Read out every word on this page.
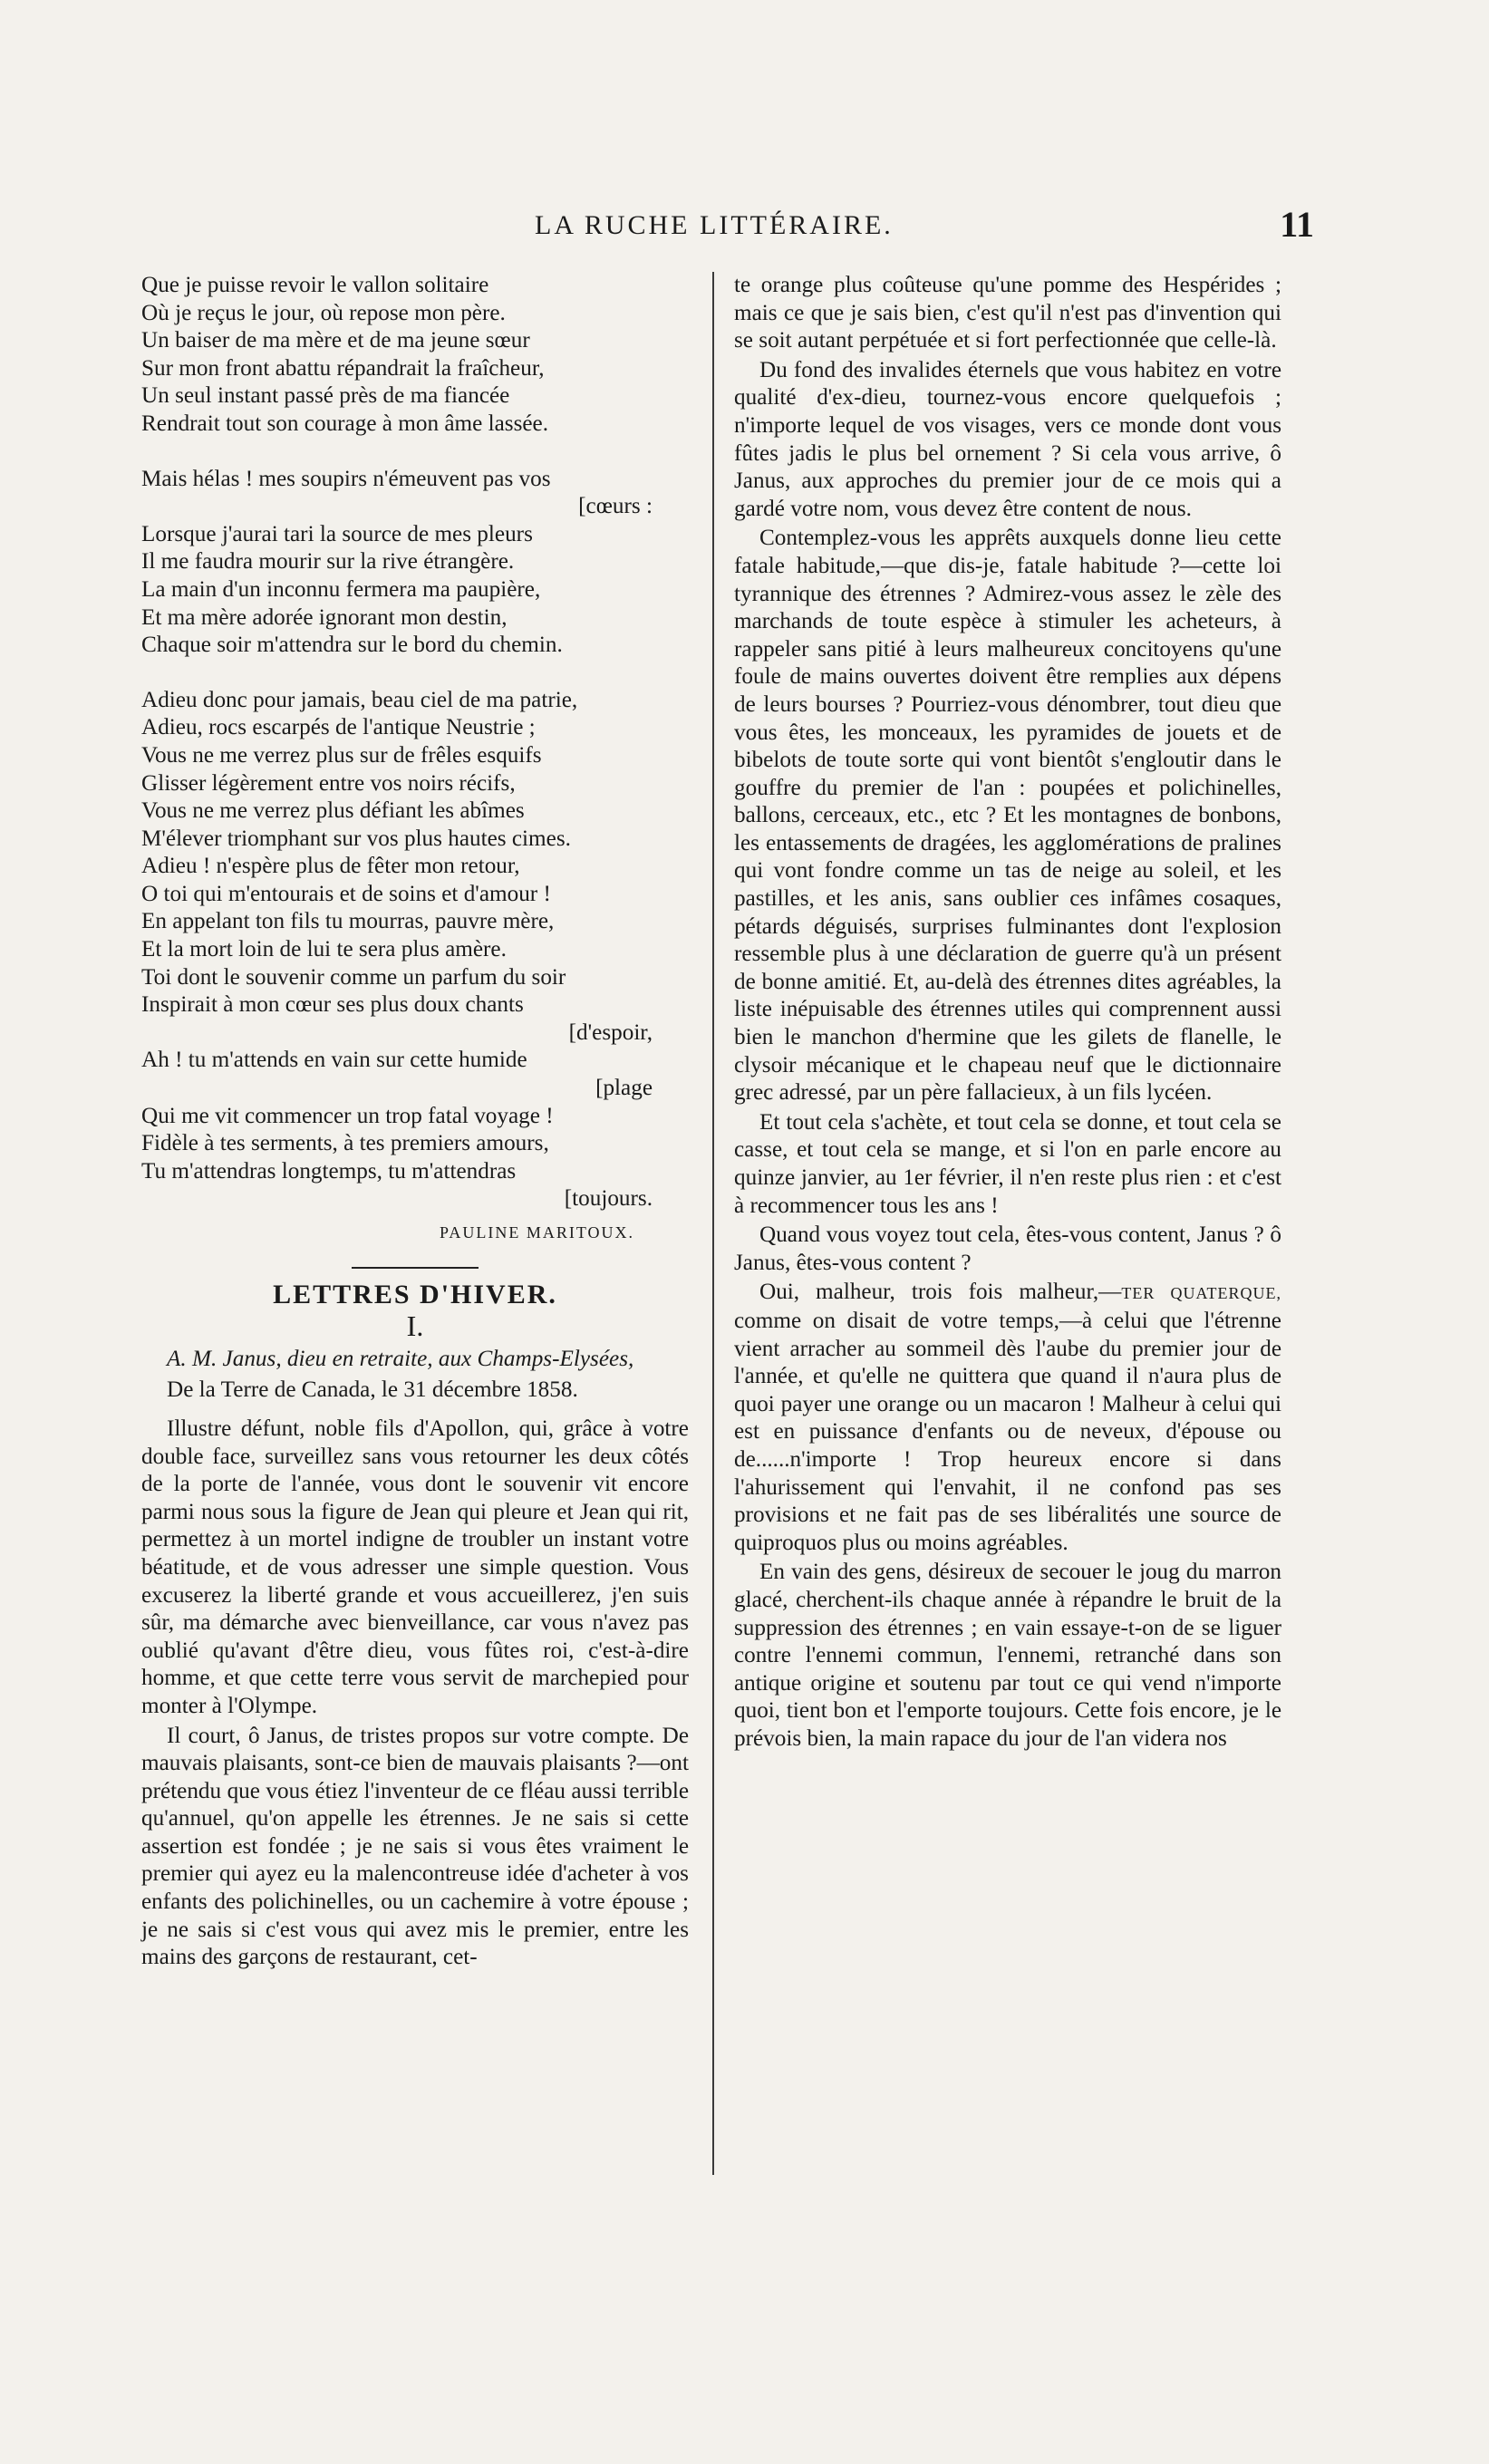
LA RUCHE LITTÉRAIRE.	11
Que je puisse revoir le vallon solitaire
Où je reçus le jour, où repose mon père.
Un baiser de ma mère et de ma jeune sœur
Sur mon front abattu répandrait la fraîcheur,
Un seul instant passé près de ma fiancée
Rendrait tout son courage à mon âme lassée.
Mais hélas ! mes soupirs n'émeuvent pas vos
[cœurs :
Lorsque j'aurai tari la source de mes pleurs
Il me faudra mourir sur la rive étrangère.
La main d'un inconnu fermera ma paupière,
Et ma mère adorée ignorant mon destin,
Chaque soir m'attendra sur le bord du chemin.
Adieu donc pour jamais, beau ciel de ma patrie,
Adieu, rocs escarpés de l'antique Neustrie ;
Vous ne me verrez plus sur de frêles esquifs
Glisser légèrement entre vos noirs récifs,
Vous ne me verrez plus défiant les abîmes
M'élever triomphant sur vos plus hautes cimes.
Adieu ! n'espère plus de fêter mon retour,
O toi qui m'entourais et de soins et d'amour !
En appelant ton fils tu mourras, pauvre mère,
Et la mort loin de lui te sera plus amère.
Toi dont le souvenir comme un parfum du soir
Inspirait à mon cœur ses plus doux chants
[d'espoir,
Ah ! tu m'attends en vain sur cette humide
[plage
Qui me vit commencer un trop fatal voyage !
Fidèle à tes serments, à tes premiers amours,
Tu m'attendras longtemps, tu m'attendras
[toujours.
PAULINE MARITOUX.
LETTRES D'HIVER.
I.
A. M. Janus, dieu en retraite, aux Champs-Elysées,
De la Terre de Canada, le 31 décembre 1858.

Illustre défunt, noble fils d'Apollon, qui, grâce à votre double face, surveillez sans vous retourner les deux côtés de la porte de l'année, vous dont le souvenir vit encore parmi nous sous la figure de Jean qui pleure et Jean qui rit, permettez à un mortel indigne de troubler un instant votre béatitude, et de vous adresser une simple question. Vous excuserez la liberté grande et vous accueillerez, j'en suis sûr, ma démarche avec bienveillance, car vous n'avez pas oublié qu'avant d'être dieu, vous fûtes roi, c'est-à-dire homme, et que cette terre vous servit de marchepied pour monter à l'Olympe.

Il court, ô Janus, de tristes propos sur votre compte. De mauvais plaisants, sont-ce bien de mauvais plaisants ?—ont prétendu que vous étiez l'inventeur de ce fléau aussi terrible qu'annuel, qu'on appelle les étrennes. Je ne sais si cette assertion est fondée ; je ne sais si vous êtes vraiment le premier qui ayez eu la malencontreuse idée d'acheter à vos enfants des polichinelles, ou un cachemire à votre épouse ; je ne sais si c'est vous qui avez mis le premier, entre les mains des garçons de restaurant, cet-

te orange plus coûteuse qu'une pomme des Hespérides ; mais ce que je sais bien, c'est qu'il n'est pas d'invention qui se soit autant perpétuée et si fort perfectionnée que celle-là.

Du fond des invalides éternels que vous habitez en votre qualité d'ex-dieu, tournez-vous encore quelquefois ; n'importe lequel de vos visages, vers ce monde dont vous fûtes jadis le plus bel ornement ? Si cela vous arrive, ô Janus, aux approches du premier jour de ce mois qui a gardé votre nom, vous devez être content de nous.

Contemplez-vous les apprêts auxquels donne lieu cette fatale habitude,—que dis-je, fatale habitude ?—cette loi tyrannique des étrennes ? Admirez-vous assez le zèle des marchands de toute espèce à stimuler les acheteurs, à rappeler sans pitié à leurs malheureux concitoyens qu'une foule de mains ouvertes doivent être remplies aux dépens de leurs bourses ? Pourriez-vous dénombrer, tout dieu que vous êtes, les monceaux, les pyramides de jouets et de bibelots de toute sorte qui vont bientôt s'engloutir dans le gouffre du premier de l'an : poupées et polichinelles, ballons, cerceaux, etc., etc ? Et les montagnes de bonbons, les entassements de dragées, les agglomérations de pralines qui vont fondre comme un tas de neige au soleil, et les pastilles, et les anis, sans oublier ces infâmes cosaques, pétards déguisés, surprises fulminantes dont l'explosion ressemble plus à une déclaration de guerre qu'à un présent de bonne amitié. Et, au-delà des étrennes dites agréables, la liste inépuisable des étrennes utiles qui comprennent aussi bien le manchon d'hermine que les gilets de flanelle, le clysoir mécanique et le chapeau neuf que le dictionnaire grec adressé, par un père fallacieux, à un fils lycéen.

Et tout cela s'achète, et tout cela se donne, et tout cela se casse, et tout cela se mange, et si l'on en parle encore au quinze janvier, au 1er février, il n'en reste plus rien : et c'est à recommencer tous les ans !

Quand vous voyez tout cela, êtes-vous content, Janus ? ô Janus, êtes-vous content ?

Oui, malheur, trois fois malheur,—TER QUATERQUE, comme on disait de votre temps,—à celui que l'étrenne vient arracher au sommeil dès l'aube du premier jour de l'année, et qu'elle ne quittera que quand il n'aura plus de quoi payer une orange ou un macaron ! Malheur à celui qui est en puissance d'enfants ou de neveux, d'épouse ou de......n'importe ! Trop heureux encore si dans l'ahurissement qui l'envahit, il ne confond pas ses provisions et ne fait pas de ses libéralités une source de quiproquos plus ou moins agréables.

En vain des gens, désireux de secouer le joug du marron glacé, cherchent-ils chaque année à répandre le bruit de la suppression des étrennes ; en vain essaye-t-on de se liguer contre l'ennemi commun, l'ennemi, retranché dans son antique origine et soutenu par tout ce qui vend n'importe quoi, tient bon et l'emporte toujours. Cette fois encore, je le prévois bien, la main rapace du jour de l'an videra nos
